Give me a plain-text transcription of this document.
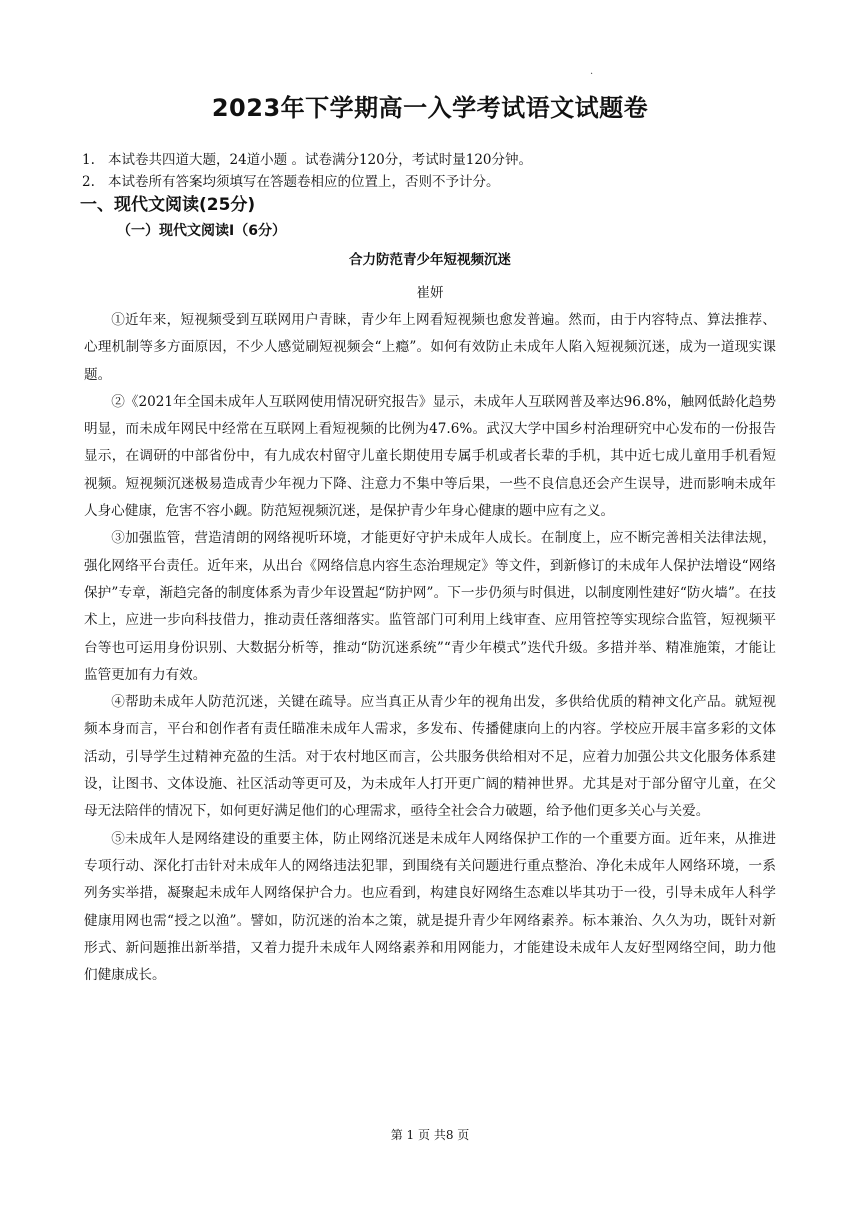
·
2023年下学期高一入学考试语文试题卷
1. 本试卷共四道大题，24道小题 。试卷满分120分，考试时量120分钟。
2. 本试卷所有答案均须填写在答题卷相应的位置上，否则不予计分。
一、现代文阅读(25分)
（一）现代文阅读Ⅰ（6分）
合力防范青少年短视频沉迷
崔妍

①近年来，短视频受到互联网用户青睐，青少年上网看短视频也愈发普遍。然而，由于内容特点、算法推荐、心理机制等多方面原因，不少人感觉刷短视频会“上瘾”。如何有效防止未成年人陷入短视频沉迷，成为一道现实课题。

②《2021年全国未成年人互联网使用情况研究报告》显示，未成年人互联网普及率达96.8%，触网低龄化趋势明显，而未成年网民中经常在互联网上看短视频的比例为47.6%。武汉大学中国乡村治理研究中心发布的一份报告显示，在调研的中部省份中，有九成农村留守儿童长期使用专属手机或者长辈的手机，其中近七成儿童用手机看短视频。短视频沉迷极易造成青少年视力下降、注意力不集中等后果，一些不良信息还会产生误导，进而影响未成年人身心健康，危害不容小觑。防范短视频沉迷，是保护青少年身心健康的题中应有之义。

③加强监管，营造清朗的网络视听环境，才能更好守护未成年人成长。在制度上，应不断完善相关法律法规，强化网络平台责任。近年来，从出台《网络信息内容生态治理规定》等文件，到新修订的未成年人保护法增设“网络保护”专章，渐趋完备的制度体系为青少年设置起“防护网”。下一步仍须与时俱进，以制度刚性建好“防火墙”。在技术上，应进一步向科技借力，推动责任落细落实。监管部门可利用上线审查、应用管控等实现综合监管，短视频平台等也可运用身份识别、大数据分析等，推动“防沉迷系统”“青少年模式”迭代升级。多措并举、精准施策，才能让监管更加有力有效。

④帮助未成年人防范沉迷，关键在疏导。应当真正从青少年的视角出发，多供给优质的精神文化产品。就短视频本身而言，平台和创作者有责任瞄准未成年人需求，多发布、传播健康向上的内容。学校应开展丰富多彩的文体活动，引导学生过精神充盈的生活。对于农村地区而言，公共服务供给相对不足，应着力加强公共文化服务体系建设，让图书、文体设施、社区活动等更可及，为未成年人打开更广阔的精神世界。尤其是对于部分留守儿童，在父母无法陪伴的情况下，如何更好满足他们的心理需求，亟待全社会合力破题，给予他们更多关心与关爱。

⑤未成年人是网络建设的重要主体，防止网络沉迷是未成年人网络保护工作的一个重要方面。近年来，从推进专项行动、深化打击针对未成年人的网络违法犯罪，到围绕有关问题进行重点整治、净化未成年人网络环境，一系列务实举措，凝聚起未成年人网络保护合力。也应看到，构建良好网络生态难以毕其功于一役，引导未成年人科学健康用网也需“授之以渔”。譬如，防沉迷的治本之策，就是提升青少年网络素养。标本兼治、久久为功，既针对新形式、新问题推出新举措，又着力提升未成年人网络素养和用网能力，才能建设未成年人友好型网络空间，助力他们健康成长。

第 1 页 共8 页
